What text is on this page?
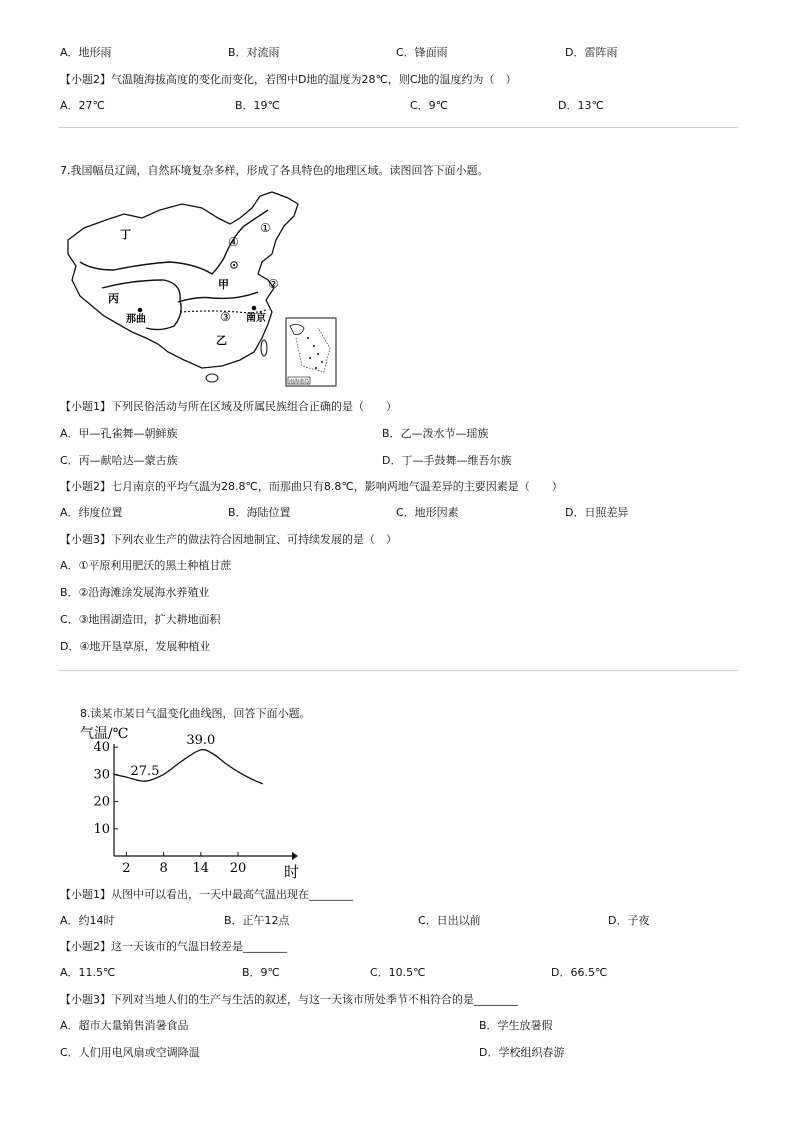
A．地形雨	B．对流雨	C．锋面雨	D．雷阵雨
【小题2】气温随海拔高度的变化而变化，若图中D地的温度为28℃，则C地的温度约为（　）
A．27℃	B．19℃	C．9℃	D．13℃
7.我国幅员辽阔，自然环境复杂多样，形成了各具特色的地理区域。读图回答下面小题。
丁
丙
甲
乙
那曲	南京
①
④
②
③
南海诸岛
【小题1】下列民俗活动与所在区域及所属民族组合正确的是（　　）
A．甲—孔雀舞—朝鲜族	B．乙—泼水节—瑶族
C．丙—献哈达—蒙古族	D．丁—手鼓舞—维吾尔族
【小题2】七月南京的平均气温为28.8℃，而那曲只有8.8℃，影响两地气温差异的主要因素是（　　）
A．纬度位置	B．海陆位置	C．地形因素	D．日照差异
【小题3】下列农业生产的做法符合因地制宜、可持续发展的是（　）
A．①平原利用肥沃的黑土种植甘蔗
B．②沿海滩涂发展海水养殖业
C．③地围湖造田，扩大耕地面积
D．④地开垦草原，发展种植业
8.读某市某日气温变化曲线图，回答下面小题。
气温/℃
时
10
20
30
40
2 8 14 20
27.5
39.0
【小题1】从图中可以看出，一天中最高气温出现在________
A．约14时	B．正午12点	C．日出以前	D．子夜
【小题2】这一天该市的气温日较差是________
A．11.5℃	B．9℃	C．10.5℃	D．66.5℃
【小题3】下列对当地人们的生产与生活的叙述，与这一天该市所处季节不相符合的是________
A．超市大量销售消暑食品	B．学生放暑假
C．人们用电风扇或空调降温	D．学校组织春游
